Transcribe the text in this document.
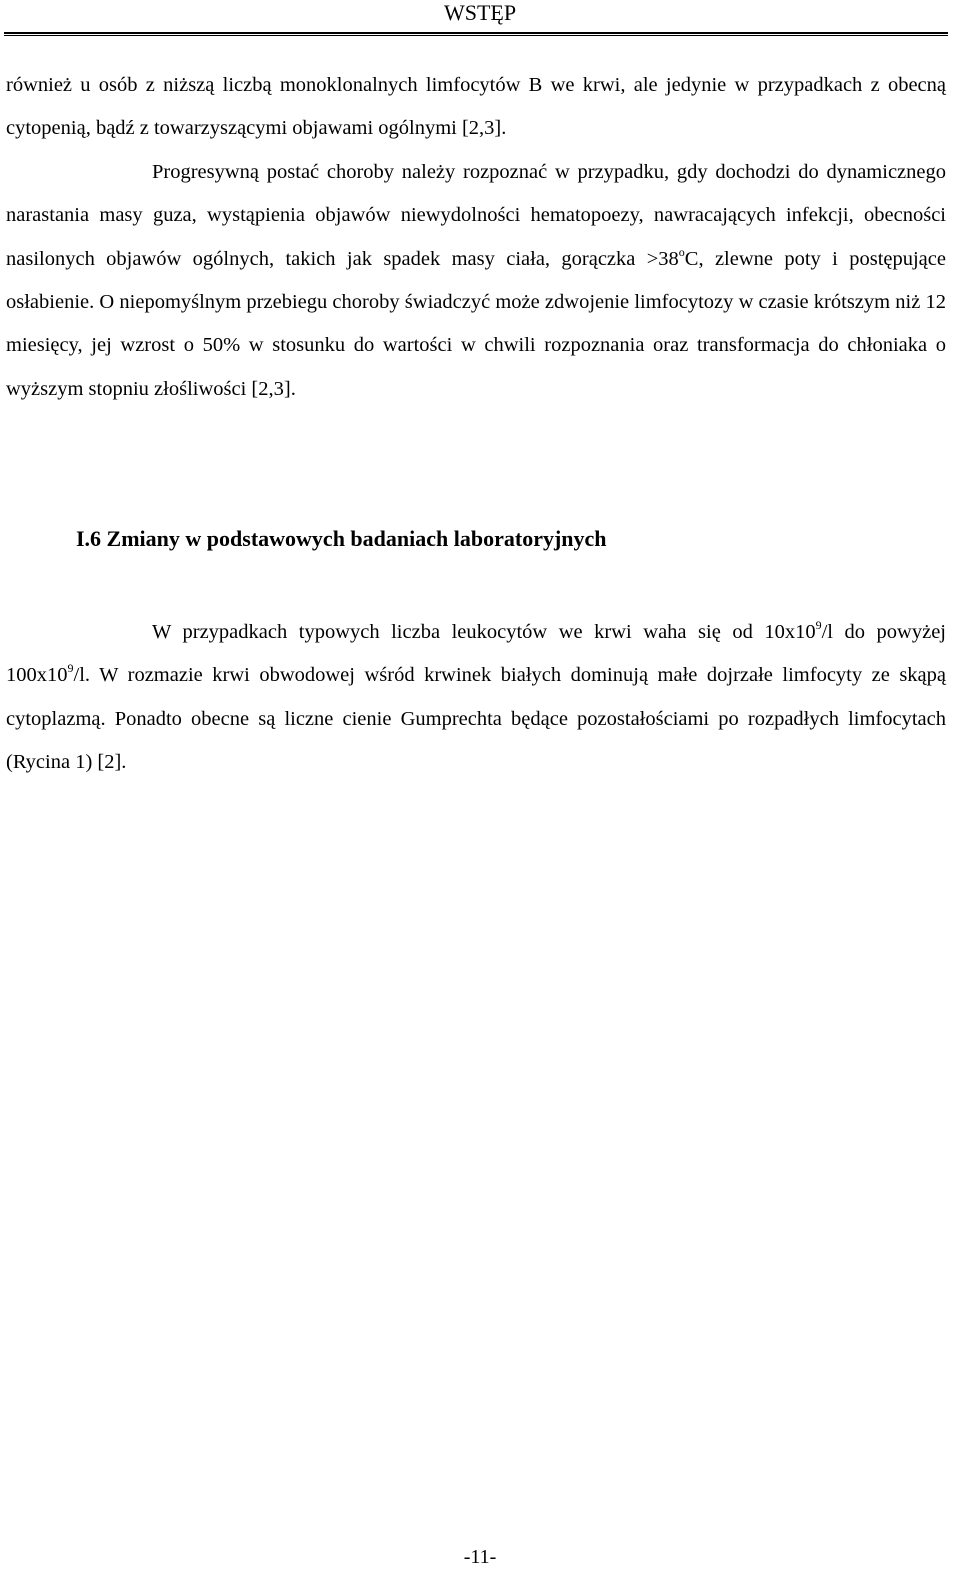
WSTĘP

również u osób z niższą liczbą monoklonalnych limfocytów B we krwi, ale jedynie w przypadkach z obecną cytopenią, bądź z towarzyszącymi objawami ogólnymi [2,3].

Progresywną postać choroby należy rozpoznać w przypadku, gdy dochodzi do dynamicznego narastania masy guza, wystąpienia objawów niewydolności hematopoezy, nawracających infekcji, obecności nasilonych objawów ogólnych, takich jak spadek masy ciała, gorączka $>38^oC$, zlewne poty i postępujące osłabienie. O niepomyślnym przebiegu choroby świadczyć może zdwojenie limfocytozy w czasie krótszym niż 12 miesięcy, jej wzrost o 50% w stosunku do wartości w chwili rozpoznania oraz transformacja do chłoniaka o wyższym stopniu złośliwości [2,3].

I.6 Zmiany w podstawowych badaniach laboratoryjnych

W przypadkach typowych liczba leukocytów we krwi waha się od $10x10^9/l$ do powyżej $100x10^9/l$. W rozmazie krwi obwodowej wśród krwinek białych dominują małe dojrzałe limfocyty ze skąpą cytoplazmą. Ponadto obecne są liczne cienie Gumprechta będące pozostałościami po rozpadłych limfocytach (Rycina 1) [2].

-11-
